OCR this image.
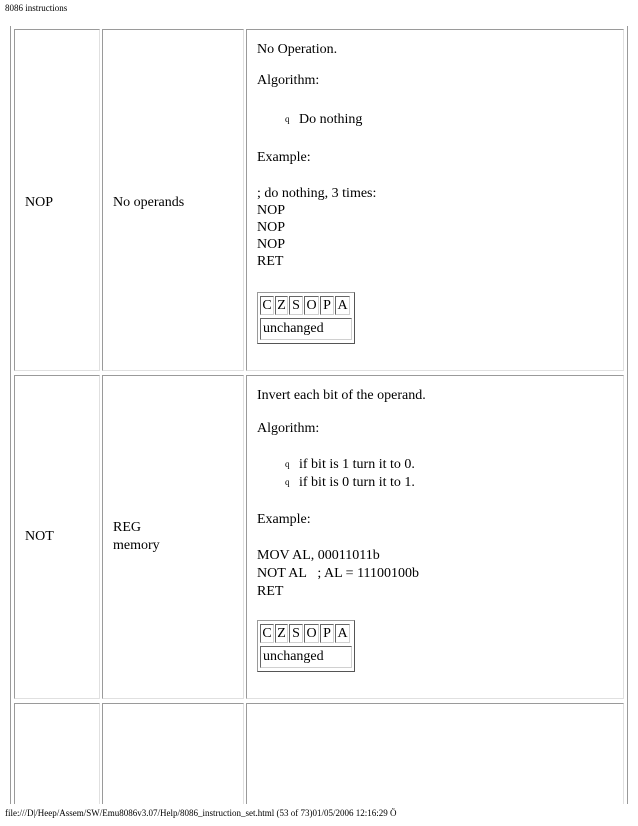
8086 instructions
NOP	No operands
No Operation.
Algorithm:
q Do nothing
Example:
; do nothing, 3 times:
NOP
NOP
NOP
RET
C Z S O P A
unchanged
NOT
REG
memory
Invert each bit of the operand.
Algorithm:
q if bit is 1 turn it to 0.
q if bit is 0 turn it to 1.
Example:
MOV AL, 00011011b
NOT AL   ; AL = 11100100b
RET
C Z S O P A
unchanged
file:///D|/Heep/Assem/SW/Emu8086v3.07/Help/8086_instruction_set.html (53 of 73)01/05/2006 12:16:29 Ö
